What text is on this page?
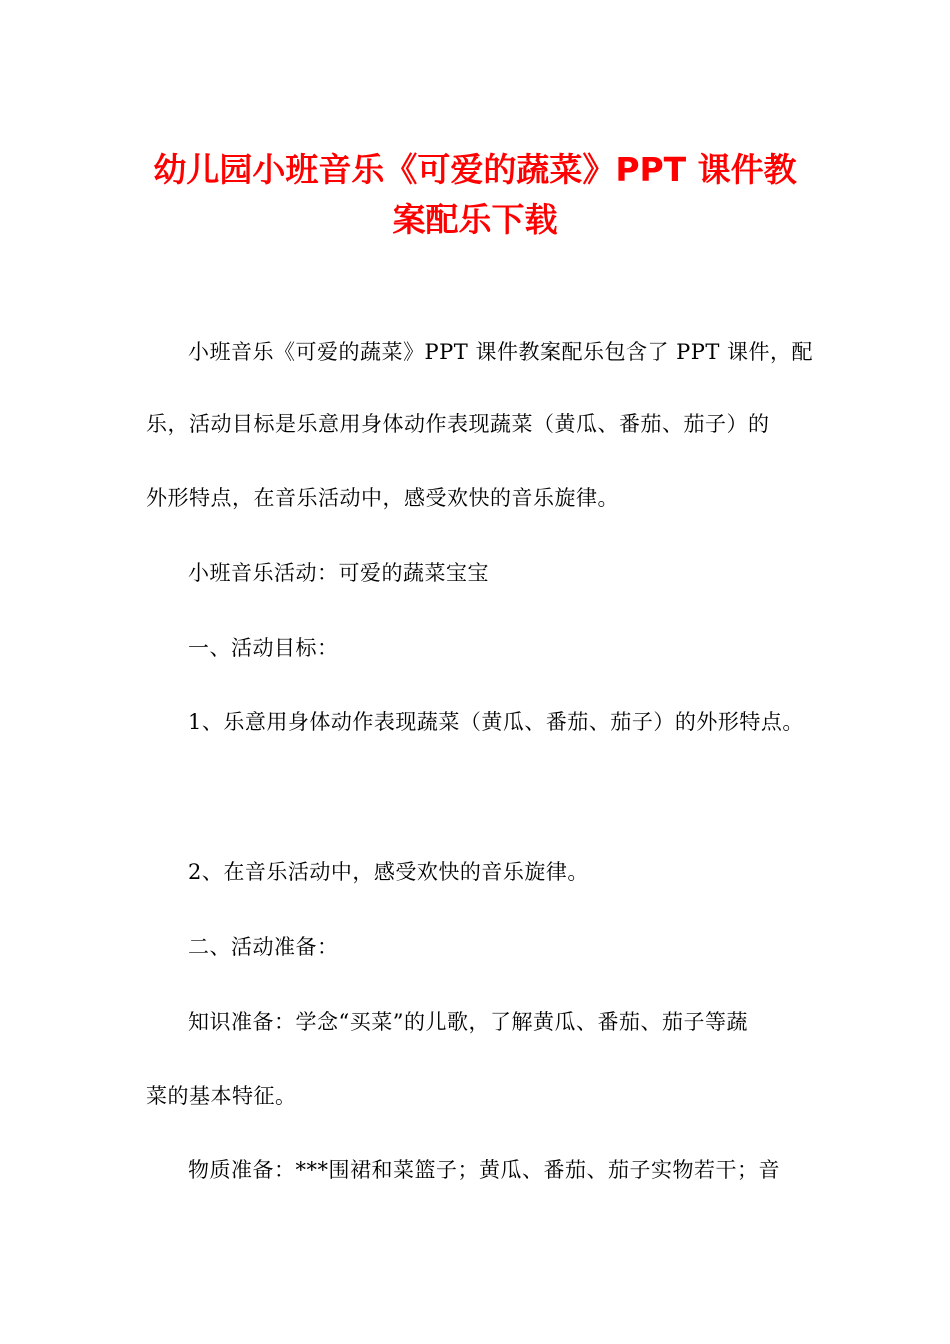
幼儿园小班音乐《可爱的蔬菜》PPT 课件教
案配乐下载
小班音乐《可爱的蔬菜》PPT 课件教案配乐包含了 PPT 课件，配
乐，活动目标是乐意用身体动作表现蔬菜（黄瓜、番茄、茄子）的
外形特点，在音乐活动中，感受欢快的音乐旋律。
小班音乐活动：可爱的蔬菜宝宝
一、活动目标：
1、乐意用身体动作表现蔬菜（黄瓜、番茄、茄子）的外形特点。
2、在音乐活动中，感受欢快的音乐旋律。
二、活动准备：
知识准备：学念“买菜”的儿歌，了解黄瓜、番茄、茄子等蔬
菜的基本特征。
物质准备：***围裙和菜篮子；黄瓜、番茄、茄子实物若干；音
